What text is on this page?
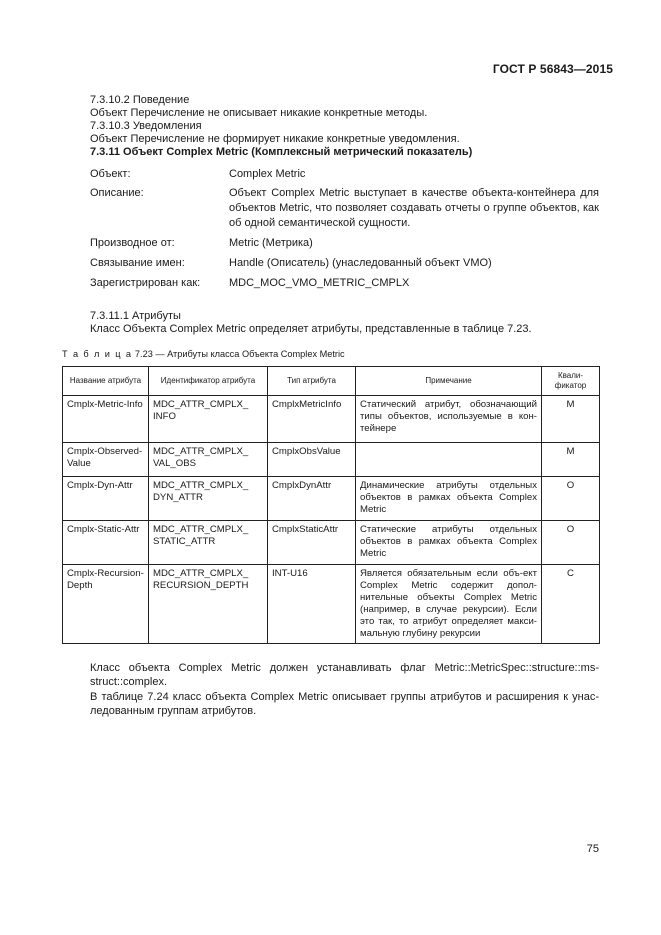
ГОСТ Р 56843—2015
7.3.10.2 Поведение
Объект Перечисление не описывает никакие конкретные методы.
7.3.10.3 Уведомления
Объект Перечисление не формирует никакие конкретные уведомления.
7.3.11 Объект Complex Metric (Комплексный метрический показатель)
Объект:	Complex Metric
Описание:	Объект Complex Metric выступает в качестве объекта-контейнера для объектов Metric, что позволяет создавать отчеты о группе объектов, как об одной семантической сущности.
Производное от:	Metric (Метрика)
Связывание имен:	Handle (Описатель) (унаследованный объект VMO)
Зарегистрирован как:	MDC_MOC_VMO_METRIC_CMPLX
7.3.11.1 Атрибуты
Класс Объекта Complex Metric определяет атрибуты, представленные в таблице 7.23.
Т а б л и ц а 7.23 — Атрибуты класса Объекта Complex Metric
Название атрибута	Идентификатор атрибута	Тип атрибута	Примечание	Квали-фикатор
Cmplx-Metric-Info	MDC_ATTR_CMPLX_ INFO	CmplxMetricInfo	Статический атрибут, обозначающий типы объектов, используемые в кон-тейнере	M
Cmplx-Observed-Value	MDC_ATTR_CMPLX_ VAL_OBS	CmplxObsValue		M
Cmplx-Dyn-Attr	MDC_ATTR_CMPLX_ DYN_ATTR	CmplxDynAttr	Динамические атрибуты отдельных объектов в рамках объекта Complex Metric	O
Cmplx-Static-Attr	MDC_ATTR_CMPLX_ STATIC_ATTR	CmplxStaticAttr	Статические атрибуты отдельных объектов в рамках объекта Complex Metric	O
Cmplx-Recursion-Depth	MDC_ATTR_CMPLX_ RECURSION_DEPTH	INT-U16	Является обязательным если объ-ект Complex Metric содержит допол-нительные объекты Complex Metric (например, в случае рекурсии). Если это так, то атрибут определяет макси-мальную глубину рекурсии	C
Класс объекта Complex Metric должен устанавливать флаг Metric::MetricSpec::structure::ms-struct::complex.
В таблице 7.24 класс объекта Complex Metric описывает группы атрибутов и расширения к унас-ледованным группам атрибутов.
75
